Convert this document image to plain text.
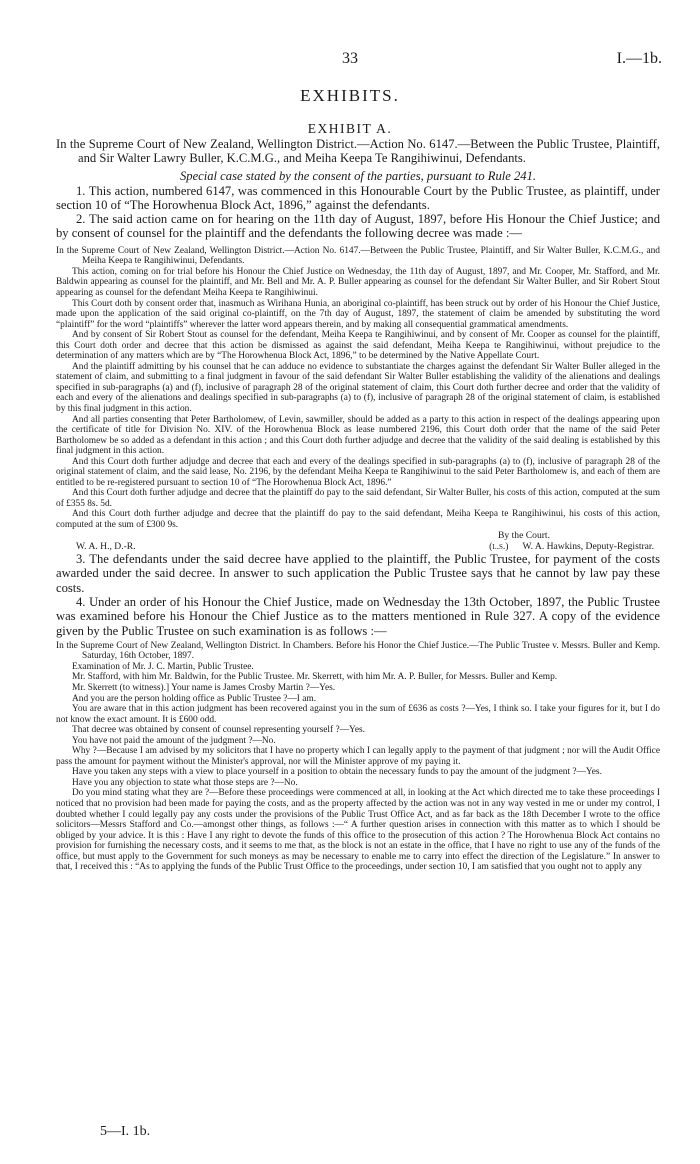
33	I.—1b.
EXHIBITS.
EXHIBIT A.

In the Supreme Court of New Zealand, Wellington District.—Action No. 6147.—Between the Public Trustee, Plaintiff, and Sir Walter Lawry Buller, K.C.M.G., and Meiha Keepa Te Rangihiwinui, Defendants.

Special case stated by the consent of the parties, pursuant to Rule 241.

1. This action, numbered 6147, was commenced in this Honourable Court by the Public Trustee, as plaintiff, under section 10 of “The Horowhenua Block Act, 1896,” against the defendants.

2. The said action came on for hearing on the 11th day of August, 1897, before His Honour the Chief Justice; and by consent of counsel for the plaintiff and the defendants the following decree was made :—

In the Supreme Court of New Zealand, Wellington District.—Action No. 6147.—Between the Public Trustee, Plaintiff, and Sir Walter Buller, K.C.M.G., and Meiha Keepa te Rangihiwinui, Defendants.

This action, coming on for trial before his Honour the Chief Justice on Wednesday, the 11th day of August, 1897, and Mr. Cooper, Mr. Stafford, and Mr. Baldwin appearing as counsel for the plaintiff, and Mr. Bell and Mr. A. P. Buller appearing as counsel for the defendant Sir Walter Buller, and Sir Robert Stout appearing as counsel for the defendant Meiha Keepa te Rangihiwinui.

This Court doth by consent order that, inasmuch as Wirihana Hunia, an aboriginal co-plaintiff, has been struck out by order of his Honour the Chief Justice, made upon the application of the said original co-plaintiff, on the 7th day of August, 1897, the statement of claim be amended by substituting the word “plaintiff” for the word “plaintiffs” wherever the latter word appears therein, and by making all consequential grammatical amendments.

And by consent of Sir Robert Stout as counsel for the defendant, Meiha Keepa te Rangihiwinui, and by consent of Mr. Cooper as counsel for the plaintiff, this Court doth order and decree that this action be dismissed as against the said defendant, Meiha Keepa te Rangihiwinui, without prejudice to the determination of any matters which are by “The Horowhenua Block Act, 1896,” to be determined by the Native Appellate Court.

And the plaintiff admitting by his counsel that he can adduce no evidence to substantiate the charges against the defendant Sir Walter Buller alleged in the statement of claim, and submitting to a final judgment in favour of the said defendant Sir Walter Buller establishing the validity of the alienations and dealings specified in sub-paragraphs (a) and (f), inclusive of paragraph 28 of the original statement of claim, this Court doth further decree and order that the validity of each and every of the alienations and dealings specified in sub-paragraphs (a) to (f), inclusive of paragraph 28 of the original statement of claim, is established by this final judgment in this action.

And all parties consenting that Peter Bartholomew, of Levin, sawmiller, should be added as a party to this action in respect of the dealings appearing upon the certificate of title for Division No. XIV. of the Horowhenua Block as lease numbered 2196, this Court doth order that the name of the said Peter Bartholomew be so added as a defendant in this action ; and this Court doth further adjudge and decree that the validity of the said dealing is established by this final judgment in this action.

And this Court doth further adjudge and decree that each and every of the dealings specified in sub-paragraphs (a) to (f), inclusive of paragraph 28 of the original statement of claim, and the said lease, No. 2196, by the defendant Meiha Keepa te Rangihiwinui to the said Peter Bartholomew is, and each of them are entitled to be re-registered pursuant to section 10 of “The Horowhenua Block Act, 1896.”

And this Court doth further adjudge and decree that the plaintiff do pay to the said defendant, Sir Walter Buller, his costs of this action, computed at the sum of £355 8s. 5d.

And this Court doth further adjudge and decree that the plaintiff do pay to the said defendant, Meiha Keepa te Rangihiwinui, his costs of this action, computed at the sum of £300 9s.

By the Court.
W. A. H., D.-R.	(l.s.)	W. A. Hawkins, Deputy-Registrar.

3. The defendants under the said decree have applied to the plaintiff, the Public Trustee, for payment of the costs awarded under the said decree. In answer to such application the Public Trustee says that he cannot by law pay these costs.

4. Under an order of his Honour the Chief Justice, made on Wednesday the 13th October, 1897, the Public Trustee was examined before his Honour the Chief Justice as to the matters mentioned in Rule 327. A copy of the evidence given by the Public Trustee on such examination is as follows :—

In the Supreme Court of New Zealand, Wellington District. In Chambers. Before his Honor the Chief Justice.—The Public Trustee v. Messrs. Buller and Kemp. Saturday, 16th October, 1897.

Examination of Mr. J. C. Martin, Public Trustee.

Mr. Stafford, with him Mr. Baldwin, for the Public Trustee. Mr. Skerrett, with him Mr. A. P. Buller, for Messrs. Buller and Kemp.

Mr. Skerrett (to witness).] Your name is James Crosby Martin ?—Yes.

And you are the person holding office as Public Trustee ?—I am.

You are aware that in this action judgment has been recovered against you in the sum of £636 as costs ?—Yes, I think so. I take your figures for it, but I do not know the exact amount. It is £600 odd.

That decree was obtained by consent of counsel representing yourself ?—Yes.

You have not paid the amount of the judgment ?—No.

Why ?—Because I am advised by my solicitors that I have no property which I can legally apply to the payment of that judgment ; nor will the Audit Office pass the amount for payment without the Minister's approval, nor will the Minister approve of my paying it.

Have you taken any steps with a view to place yourself in a position to obtain the necessary funds to pay the amount of the judgment ?—Yes.

Have you any objection to state what those steps are ?—No.

Do you mind stating what they are ?—Before these proceedings were commenced at all, in looking at the Act which directed me to take these proceedings I noticed that no provision had been made for paying the costs, and as the property affected by the action was not in any way vested in me or under my control, I doubted whether I could legally pay any costs under the provisions of the Public Trust Office Act, and as far back as the 18th December I wrote to the office solicitors—Messrs Stafford and Co.—amongst other things, as follows :—“ A further question arises in connection with this matter as to which I should be obliged by your advice. It is this : Have I any right to devote the funds of this office to the prosecution of this action ? The Horowhenua Block Act contains no provision for furnishing the necessary costs, and it seems to me that, as the block is not an estate in the office, that I have no right to use any of the funds of the office, but must apply to the Government for such moneys as may be necessary to enable me to carry into effect the direction of the Legislature.” In answer to that, I received this : “As to applying the funds of the Public Trust Office to the proceedings, under section 10, I am satisfied that you ought not to apply any

5—I. 1b.
